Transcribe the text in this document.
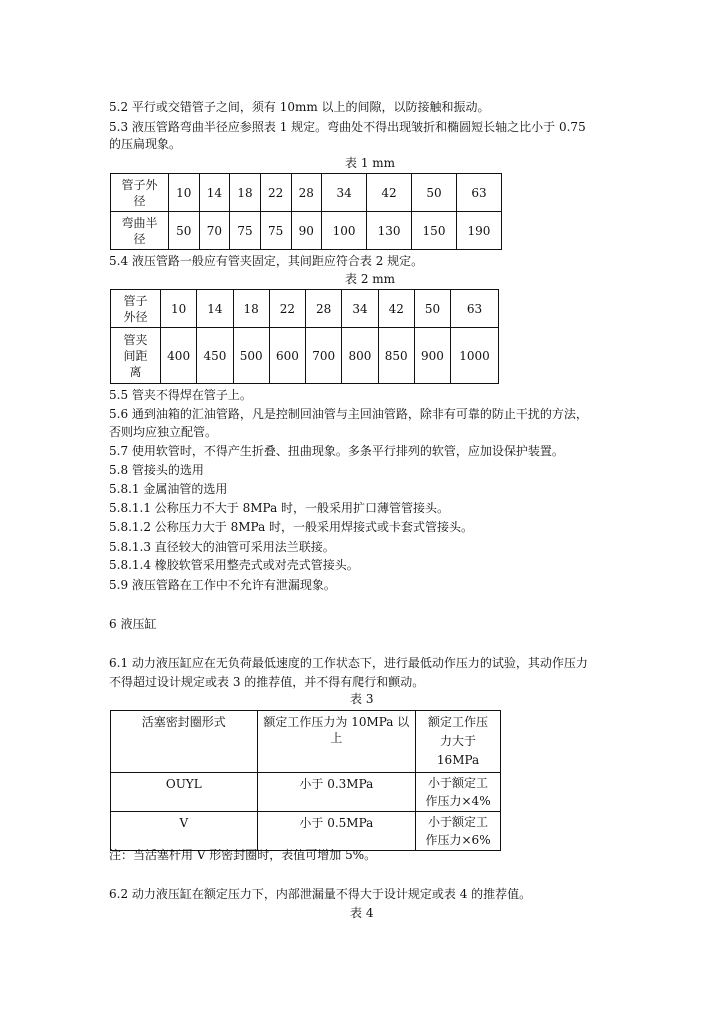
5.2 平行或交错管子之间，须有 10mm 以上的间隙，以防接触和振动。
5.3 液压管路弯曲半径应参照表 1 规定。弯曲处不得出现皱折和椭圆短长轴之比小于 0.75
的压扁现象。
表 1 mm
管子外径	10	14	18	22	28	34	42	50	63
弯曲半径	50	70	75	75	90	100	130	150	190
5.4 液压管路一般应有管夹固定，其间距应符合表 2 规定。
表 2 mm
管子外径	10	14	18	22	28	34	42	50	63
管夹间距离	400	450	500	600	700	800	850	900	1000
5.5 管夹不得焊在管子上。
5.6 通到油箱的汇油管路，凡是控制回油管与主回油管路，除非有可靠的防止干扰的方法，
否则均应独立配管。
5.7 使用软管时，不得产生折叠、扭曲现象。多条平行排列的软管，应加设保护装置。
5.8 管接头的选用
5.8.1 金属油管的选用
5.8.1.1 公称压力不大于 8MPa 时，一般采用扩口薄管管接头。
5.8.1.2 公称压力大于 8MPa 时，一般采用焊接式或卡套式管接头。
5.8.1.3 直径较大的油管可采用法兰联接。
5.8.1.4 橡胶软管采用整壳式或对壳式管接头。
5.9 液压管路在工作中不允许有泄漏现象。
6 液压缸
6.1 动力液压缸应在无负荷最低速度的工作状态下，进行最低动作压力的试验，其动作压力
不得超过设计规定或表 3 的推荐值，并不得有爬行和颤动。
表 3
活塞密封圈形式	额定工作压力为 10MPa 以上	额定工作压力大于16MPa
OUYL	小于 0.3MPa	小于额定工作压力×4%
V	小于 0.5MPa	小于额定工作压力×6%
注：当活塞杆用 V 形密封圈时，表值可增加 5%。
6.2 动力液压缸在额定压力下，内部泄漏量不得大于设计规定或表 4 的推荐值。
表 4
